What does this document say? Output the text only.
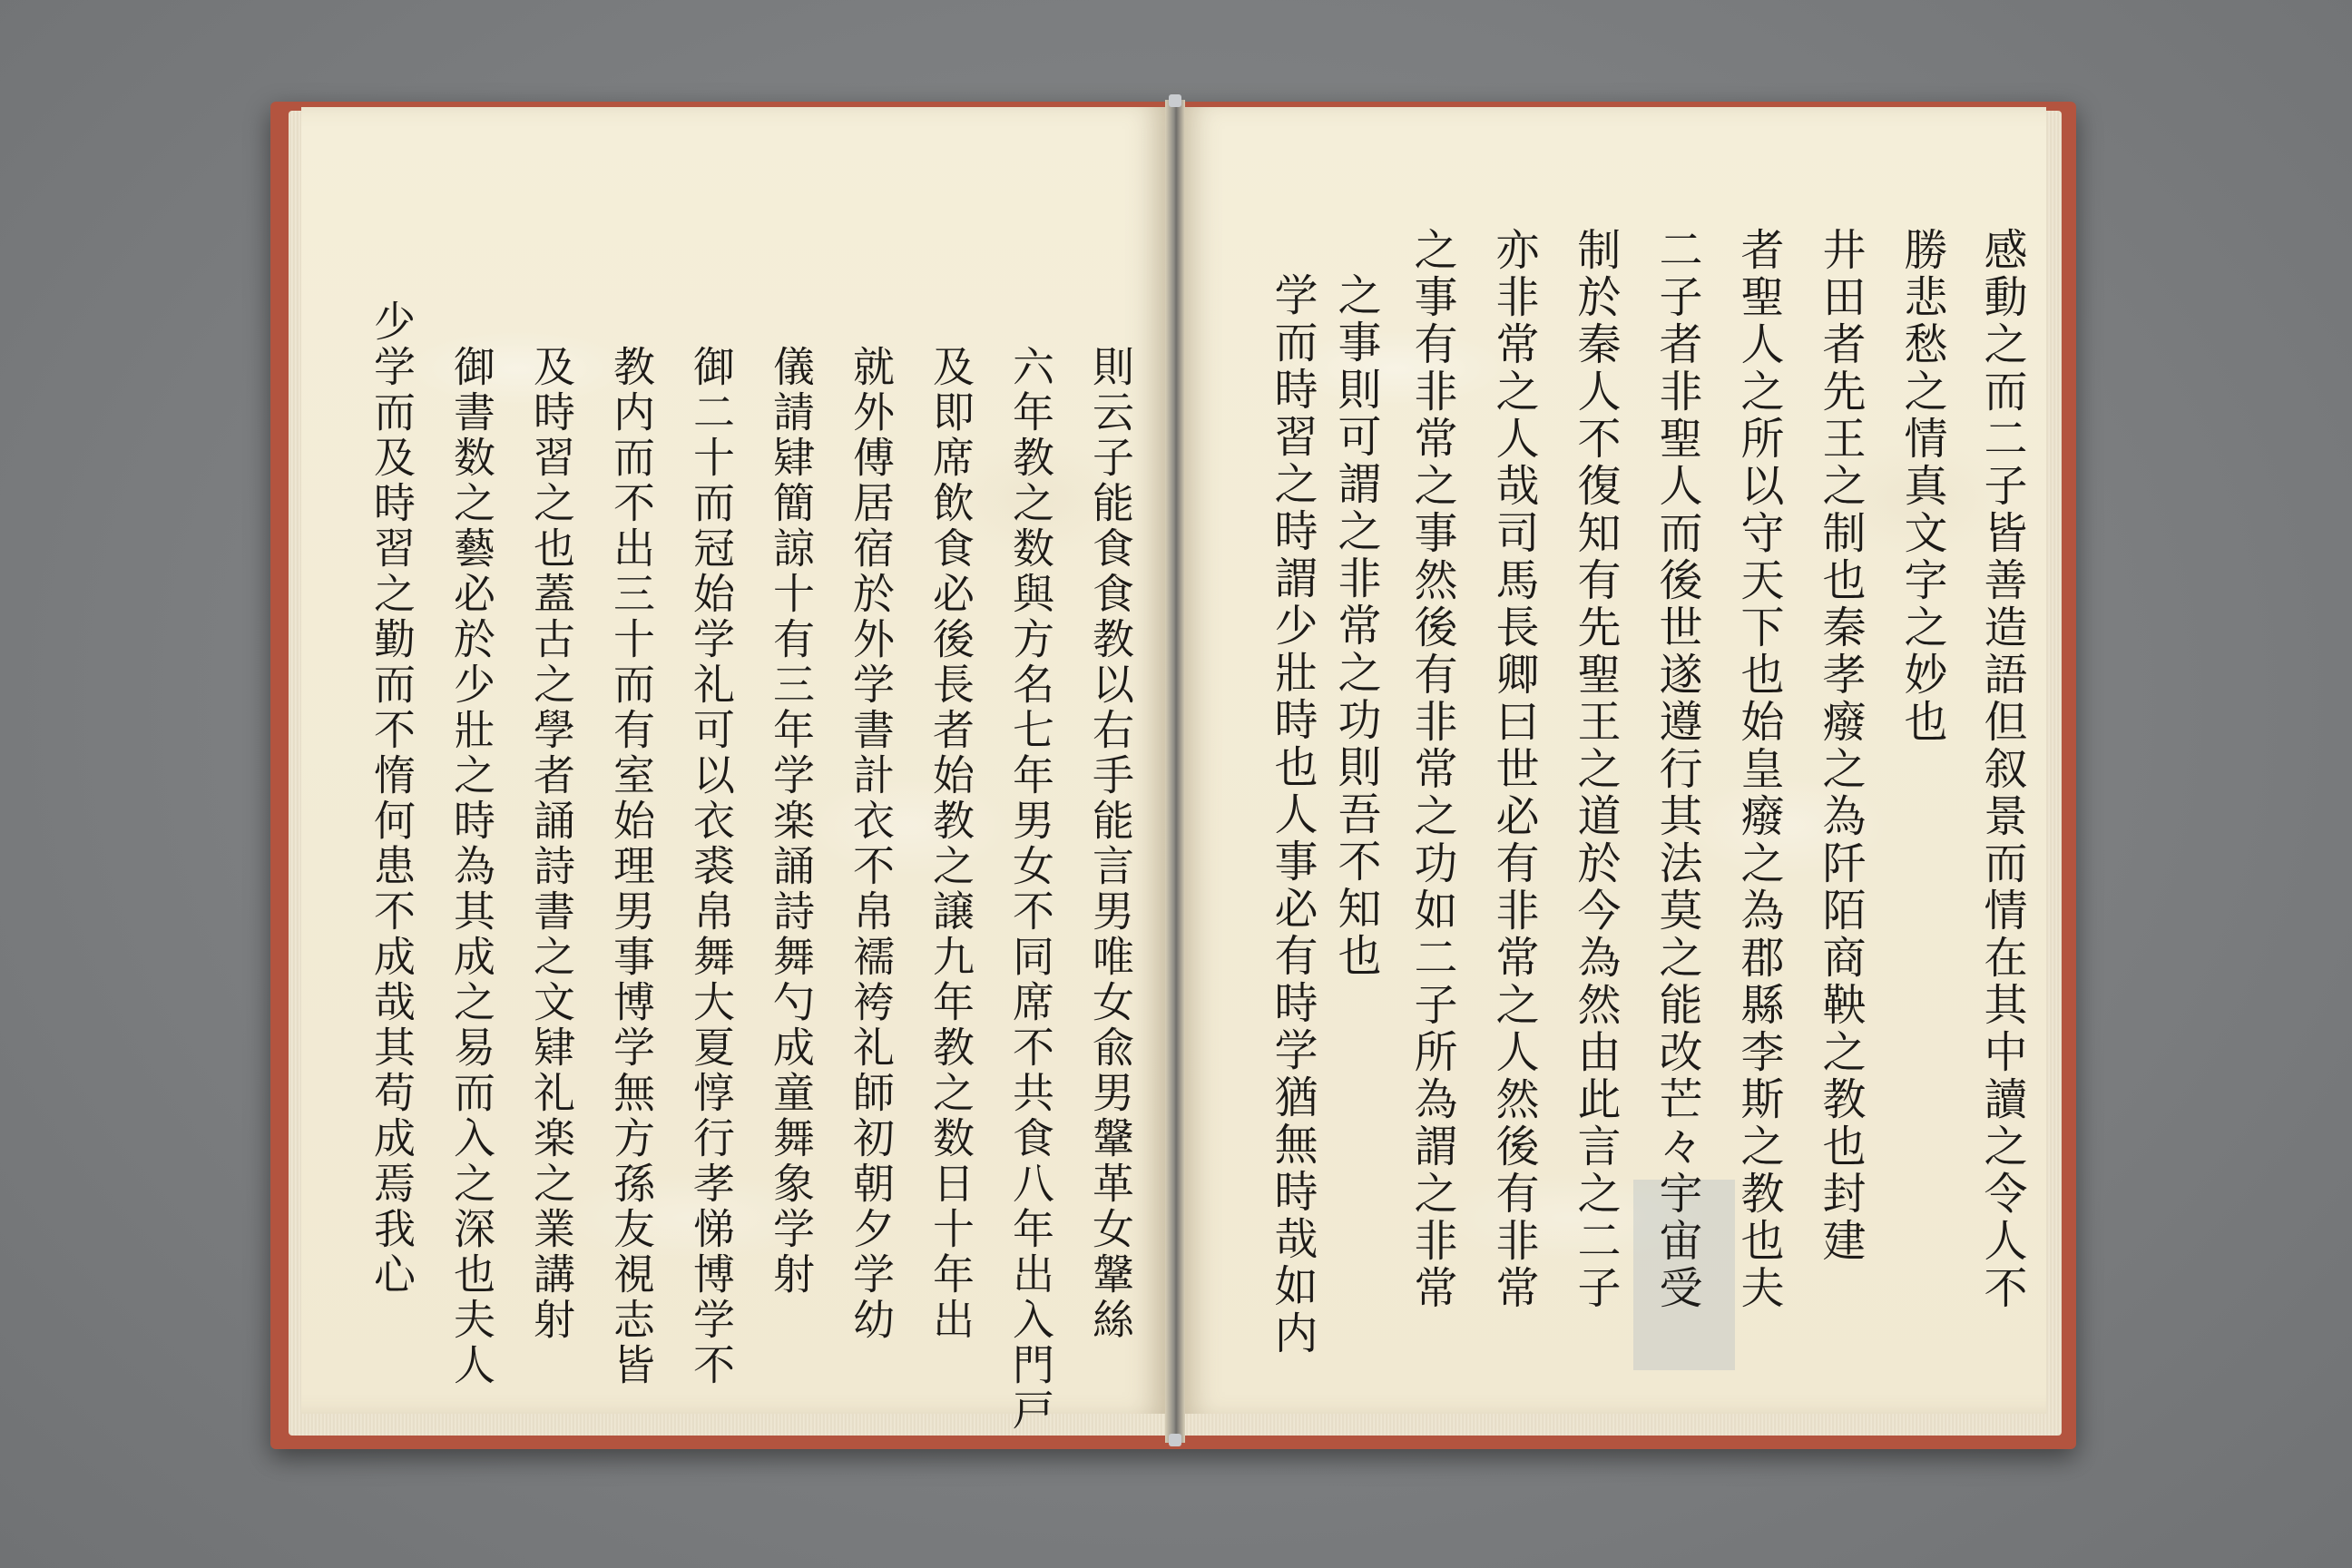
感動之而二子皆善造語但叙景而情在其中讀之令人不
勝悲愁之情真文字之妙也
井田者先王之制也秦孝癈之為阡陌商鞅之教也封建
者聖人之所以守天下也始皇癈之為郡縣李斯之教也夫
二子者非聖人而後世遂遵行其法莫之能改芒々宇宙受
制於秦人不復知有先聖王之道於今為然由此言之二子
亦非常之人哉司馬長卿曰世必有非常之人然後有非常
之事有非常之事然後有非常之功如二子所為謂之非常
之事則可謂之非常之功則吾不知也
学而時習之時謂少壯時也人事必有時学猶無時哉如内
則云子能食食教以右手能言男唯女兪男鞶革女鞶絲
六年教之数與方名七年男女不同席不共食八年出入門戸
及即席飲食必後長者始教之譲九年教之数日十年出
就外傅居宿於外学書計衣不帛襦袴礼師初朝夕学幼
儀請肄簡諒十有三年学楽誦詩舞勺成童舞象学射
御二十而冠始学礼可以衣裘帛舞大夏惇行孝悌博学不
教内而不出三十而有室始理男事博学無方孫友視志皆
及時習之也蓋古之學者誦詩書之文肄礼楽之業講射
御書数之藝必於少壯之時為其成之易而入之深也夫人
少学而及時習之勤而不惰何患不成哉其苟成焉我心
